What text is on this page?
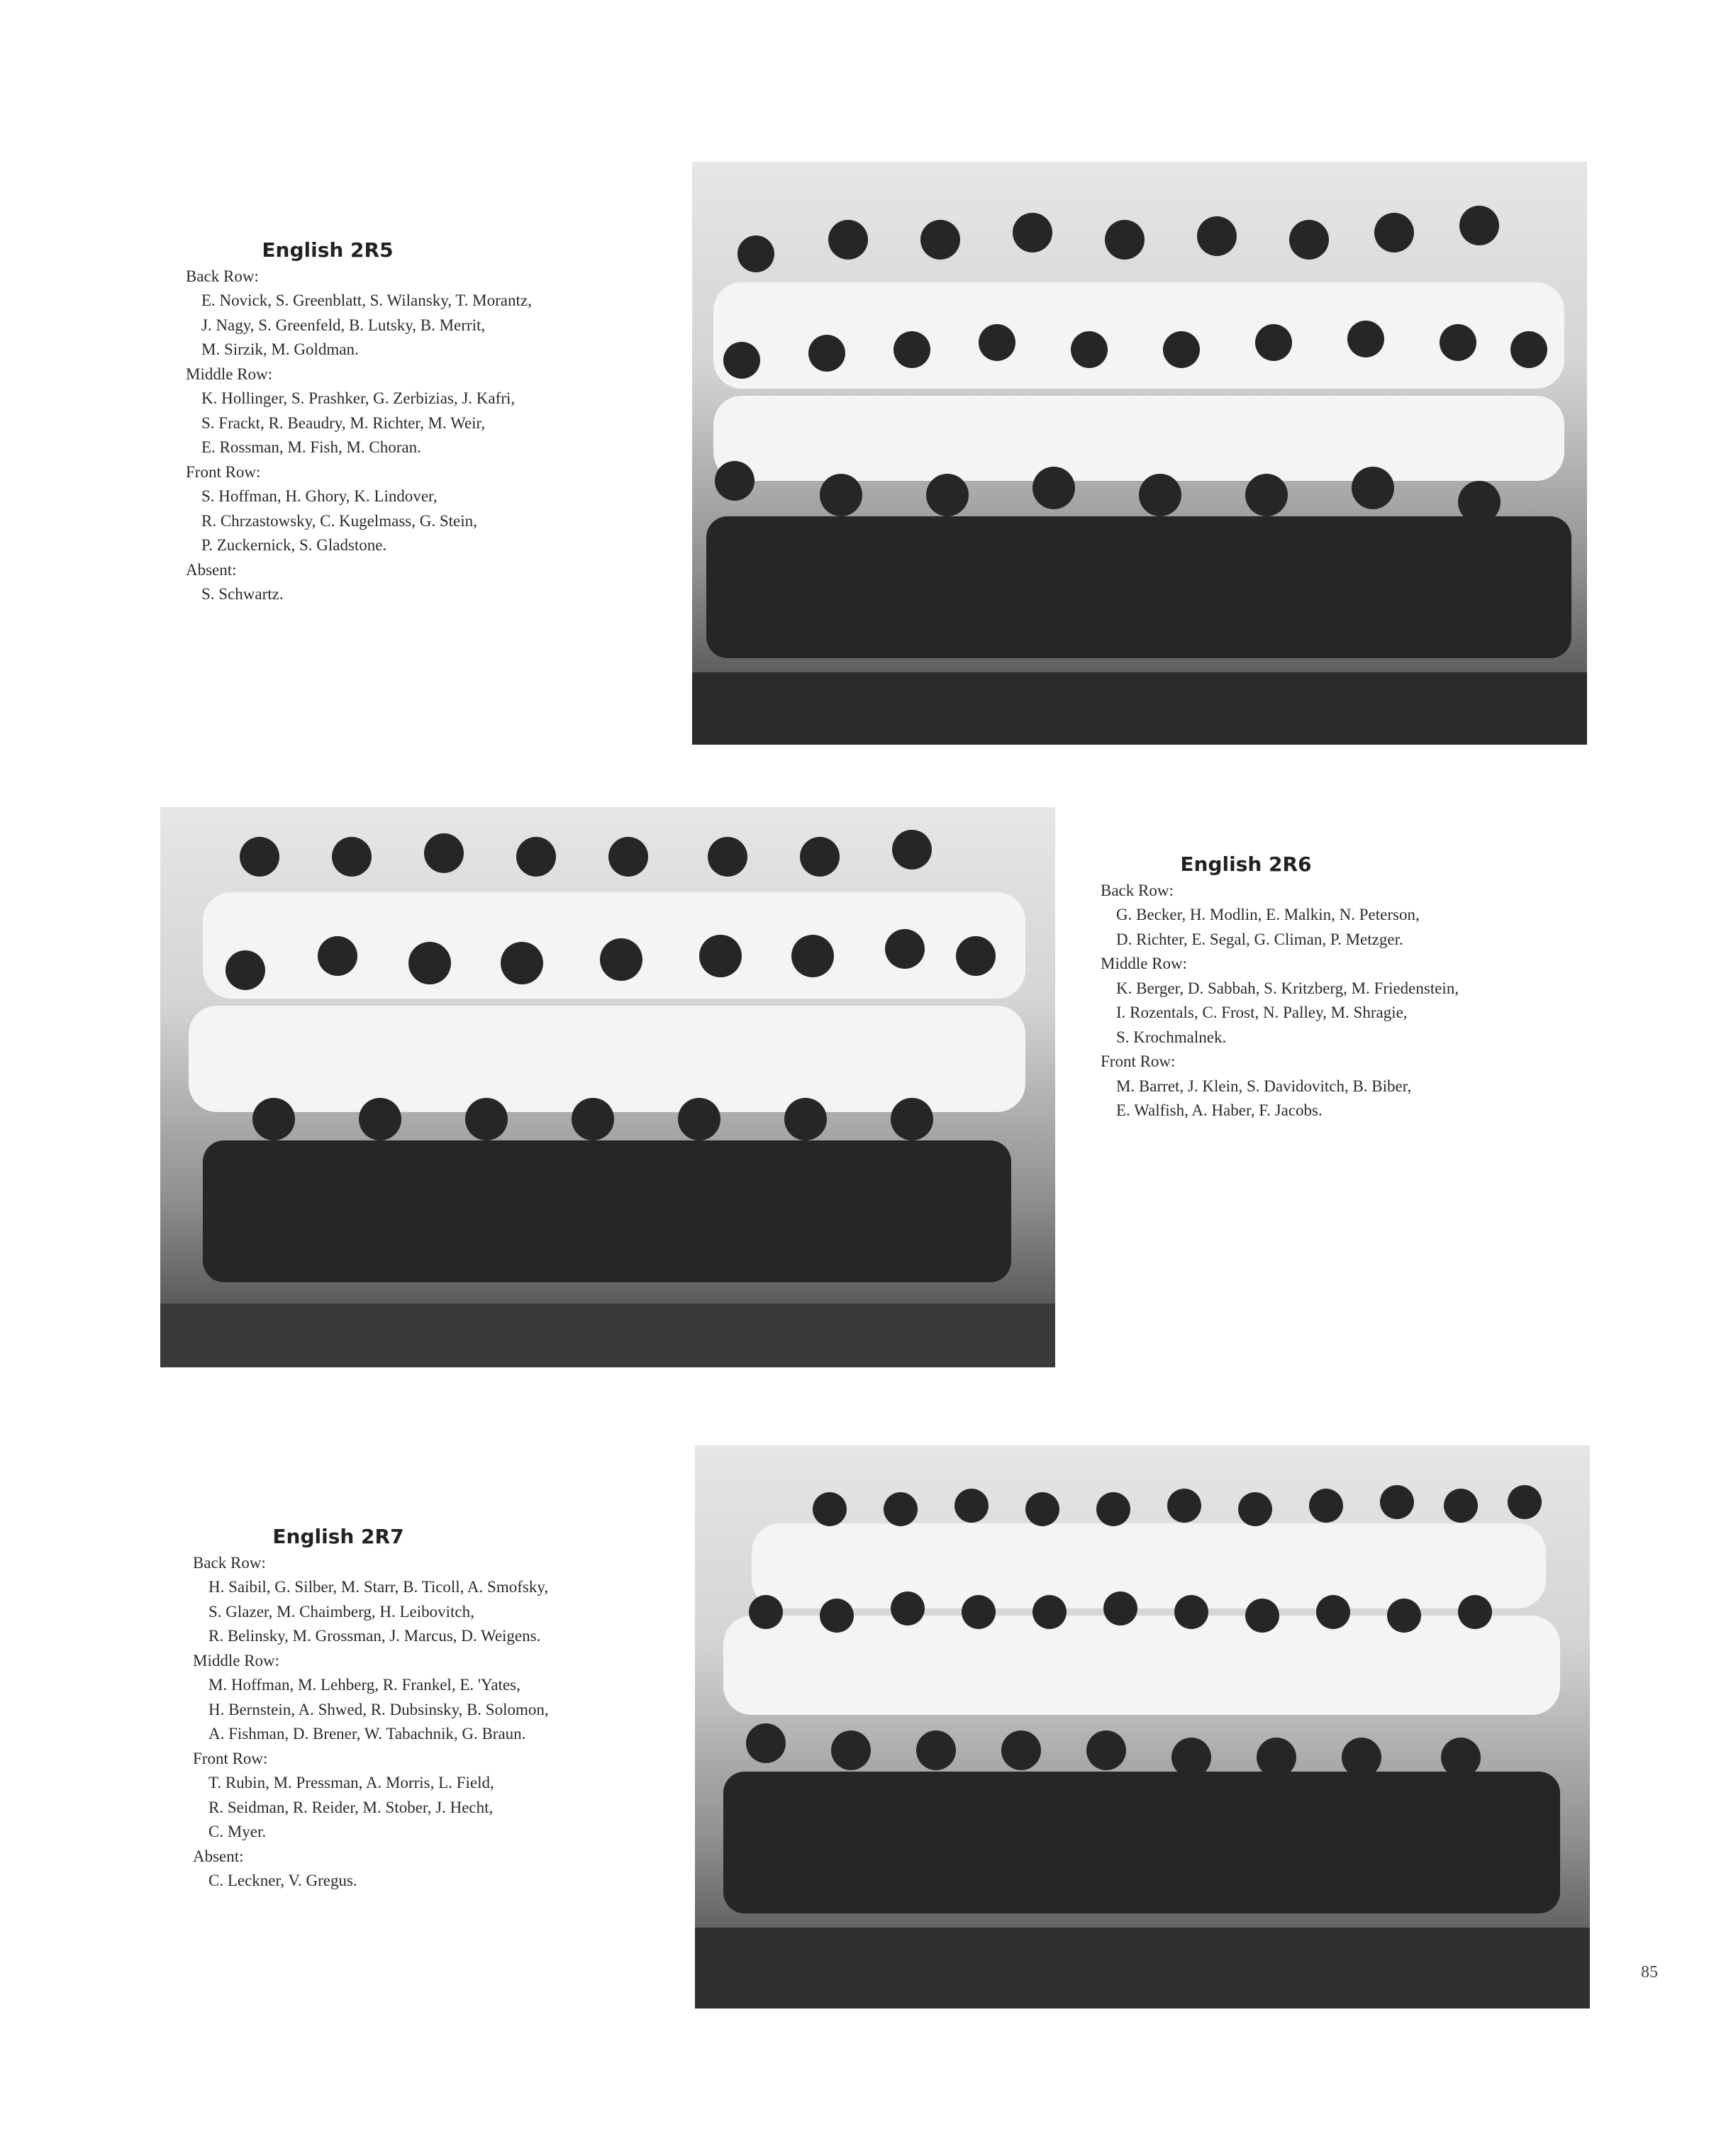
English 2R5

Back Row:

E. Novick, S. Greenblatt, S. Wilansky, T. Morantz,

J. Nagy, S. Greenfeld, B. Lutsky, B. Merrit,

M. Sirzik, M. Goldman.

Middle Row:

K. Hollinger, S. Prashker, G. Zerbizias, J. Kafri,

S. Frackt, R. Beaudry, M. Richter, M. Weir,

E. Rossman, M. Fish, M. Choran.

Front Row:

S. Hoffman, H. Ghory, K. Lindover,

R. Chrzastowsky, C. Kugelmass, G. Stein,

P. Zuckernick, S. Gladstone.

Absent:

S. Schwartz.

English 2R6

Back Row:

G. Becker, H. Modlin, E. Malkin, N. Peterson,

D. Richter, E. Segal, G. Climan, P. Metzger.

Middle Row:

K. Berger, D. Sabbah, S. Kritzberg, M. Friedenstein,

I. Rozentals, C. Frost, N. Palley, M. Shragie,

S. Krochmalnek.

Front Row:

M. Barret, J. Klein, S. Davidovitch, B. Biber,

E. Walfish, A. Haber, F. Jacobs.

English 2R7

Back Row:

H. Saibil, G. Silber, M. Starr, B. Ticoll, A. Smofsky,

S. Glazer, M. Chaimberg, H. Leibovitch,

R. Belinsky, M. Grossman, J. Marcus, D. Weigens.

Middle Row:

M. Hoffman, M. Lehberg, R. Frankel, E. 'Yates,

H. Bernstein, A. Shwed, R. Dubsinsky, B. Solomon,

A. Fishman, D. Brener, W. Tabachnik, G. Braun.

Front Row:

T. Rubin, M. Pressman, A. Morris, L. Field,

R. Seidman, R. Reider, M. Stober, J. Hecht,

C. Myer.

Absent:

C. Leckner, V. Gregus.

85
